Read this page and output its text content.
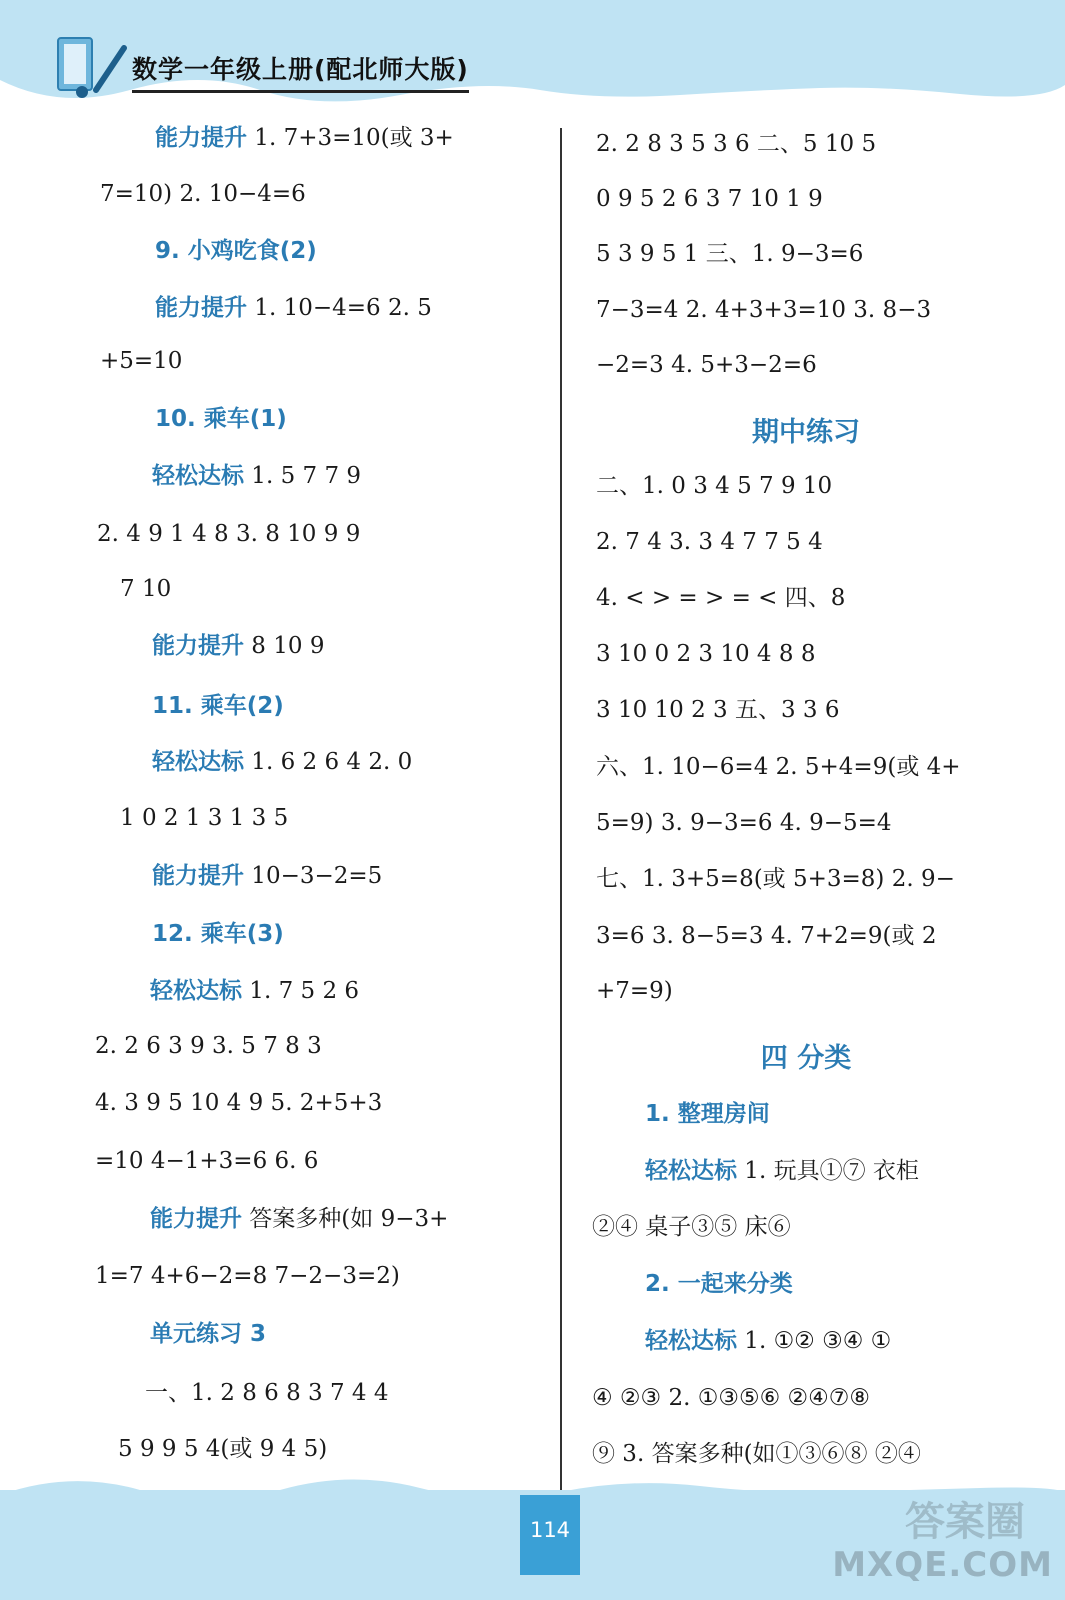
数学一年级上册(配北师大版)
能力提升 1. 7+3=10(或 3+
7=10) 2. 10−4=6
9. 小鸡吃食(2)
能力提升 1. 10−4=6 2. 5
+5=10
10. 乘车(1)
轻松达标 1. 5 7 7 9
2. 4 9 1 4 8 3. 8 10 9 9
7 10
能力提升 8 10 9
11. 乘车(2)
轻松达标 1. 6 2 6 4 2. 0
1 0 2 1 3 1 3 5
能力提升 10−3−2=5
12. 乘车(3)
轻松达标 1. 7 5 2 6
2. 2 6 3 9 3. 5 7 8 3
4. 3 9 5 10 4 9 5. 2+5+3
=10 4−1+3=6 6. 6
能力提升 答案多种(如 9−3+
1=7 4+6−2=8 7−2−3=2)
单元练习 3
一、1. 2 8 6 8 3 7 4 4
5 9 9 5 4(或 9 4 5)
2. 2 8 3 5 3 6 二、5 10 5
0 9 5 2 6 3 7 10 1 9
5 3 9 5 1 三、1. 9−3=6
7−3=4 2. 4+3+3=10 3. 8−3
−2=3 4. 5+3−2=6
期中练习
二、1. 0 3 4 5 7 9 10
2. 7 4 3. 3 4 7 7 5 4
4. < > = > = < 四、8
3 10 0 2 3 10 4 8 8
3 10 10 2 3 五、3 3 6
六、1. 10−6=4 2. 5+4=9(或 4+
5=9) 3. 9−3=6 4. 9−5=4
七、1. 3+5=8(或 5+3=8) 2. 9−
3=6 3. 8−5=3 4. 7+2=9(或 2
+7=9)
四 分类
1. 整理房间
轻松达标 1. 玩具①⑦ 衣柜
②④ 桌子③⑤ 床⑥
2. 一起来分类
轻松达标 1. ①② ③④ ①
④ ②③ 2. ①③⑤⑥ ②④⑦⑧
⑨ 3. 答案多种(如①③⑥⑧ ②④
114	答案圈
MXQE.COM
